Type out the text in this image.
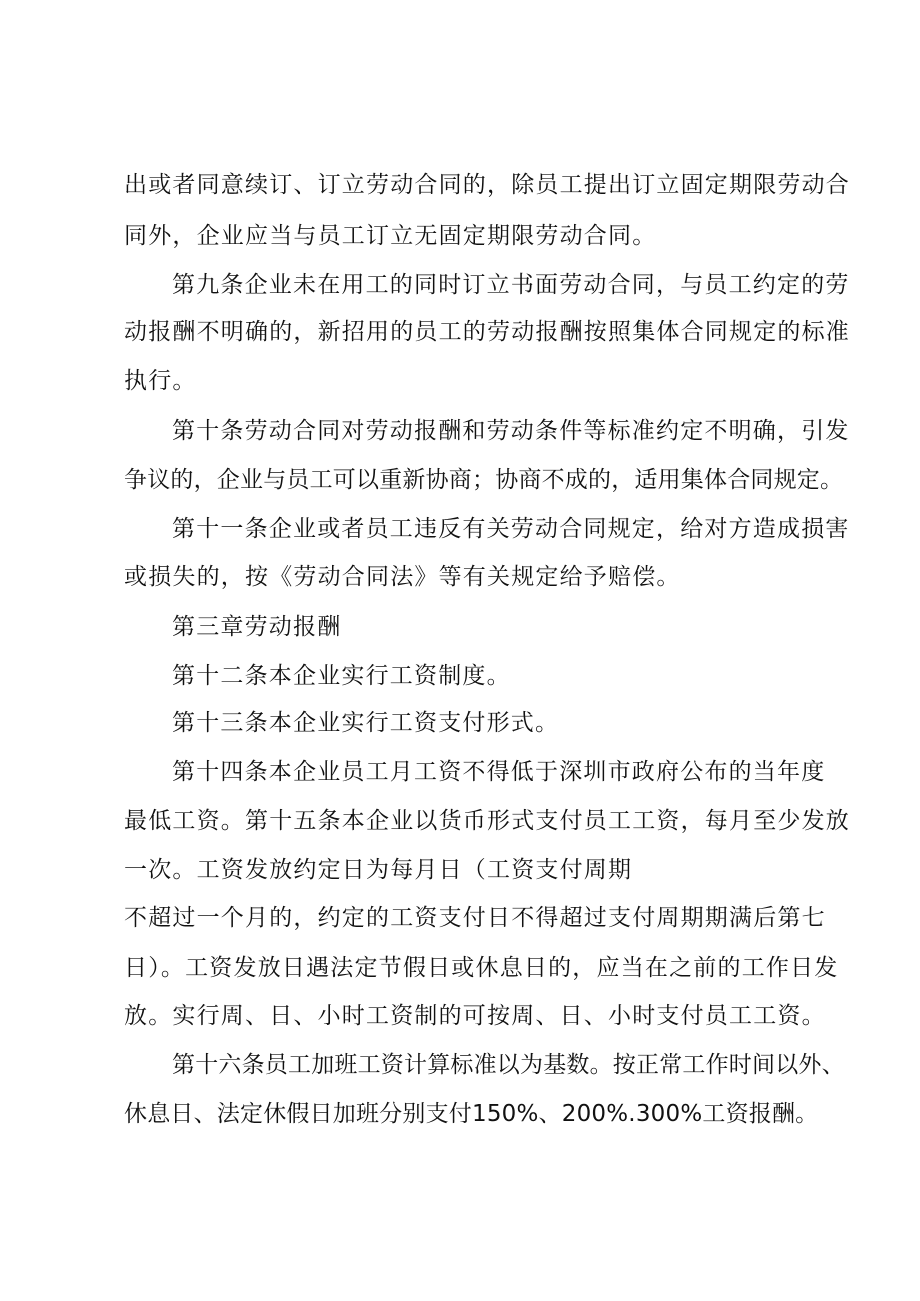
出或者同意续订、订立劳动合同的，除员工提出订立固定期限劳动合
同外，企业应当与员工订立无固定期限劳动合同。
第九条企业未在用工的同时订立书面劳动合同，与员工约定的劳
动报酬不明确的，新招用的员工的劳动报酬按照集体合同规定的标准
执行。
第十条劳动合同对劳动报酬和劳动条件等标准约定不明确，引发
争议的，企业与员工可以重新协商；协商不成的，适用集体合同规定。
第十一条企业或者员工违反有关劳动合同规定，给对方造成损害
或损失的，按《劳动合同法》等有关规定给予赔偿。
第三章劳动报酬
第十二条本企业实行工资制度。
第十三条本企业实行工资支付形式。
第十四条本企业员工月工资不得低于深圳市政府公布的当年度
最低工资。第十五条本企业以货币形式支付员工工资，每月至少发放
一次。工资发放约定日为每月日（工资支付周期
不超过一个月的，约定的工资支付日不得超过支付周期期满后第七
日）。工资发放日遇法定节假日或休息日的，应当在之前的工作日发
放。实行周、日、小时工资制的可按周、日、小时支付员工工资。
第十六条员工加班工资计算标准以为基数。按正常工作时间以外、
休息日、法定休假日加班分别支付150%、200%.300%工资报酬。
